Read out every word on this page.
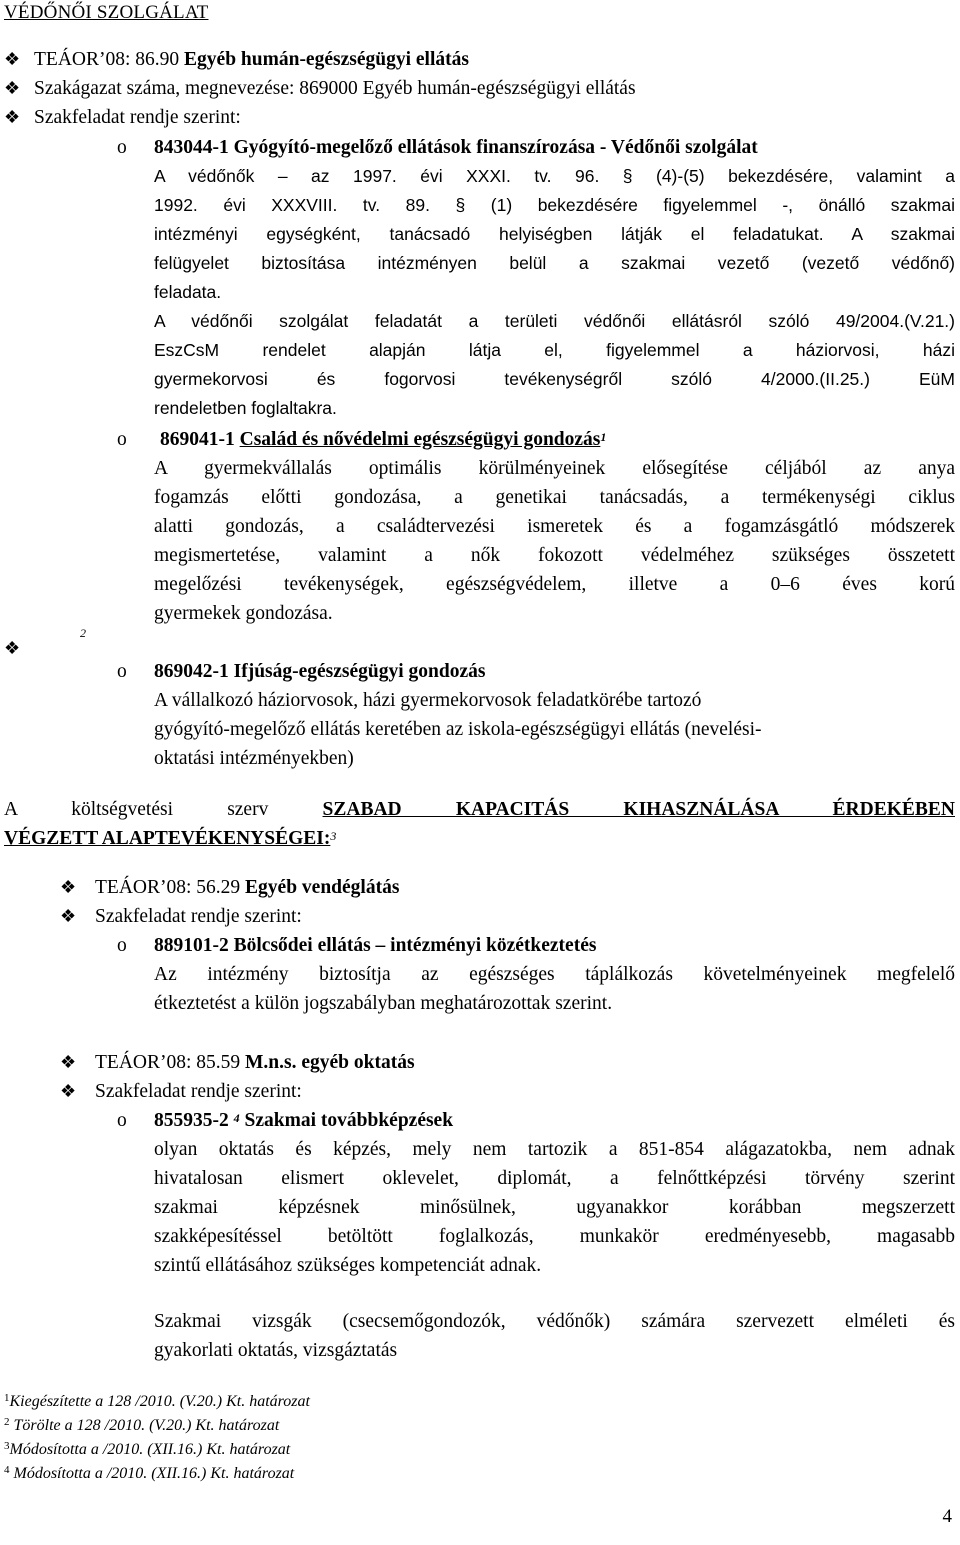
VÉDŐNŐI SZOLGÁLAT
❖ TEÁOR’08: 86.90 Egyéb humán-egészségügyi ellátás
❖ Szakágazat száma, megnevezése: 869000 Egyéb humán-egészségügyi ellátás
❖ Szakfeladat rendje szerint:
o 843044-1 Gyógyító-megelőző ellátások finanszírozása - Védőnői szolgálat
A védőnők – az 1997. évi XXXI. tv. 96. § (4)-(5) bekezdésére, valamint a
1992. évi XXXVIII. tv. 89. § (1) bekezdésére figyelemmel -, önálló szakmai
intézményi egységként, tanácsadó helyiségben látják el feladatukat. A szakmai
felügyelet biztosítása intézményen belül a szakmai vezető (vezető védőnő)
feladata.
A védőnői szolgálat feladatát a területi védőnői ellátásról szóló 49/2004.(V.21.)
EszCsM rendelet alapján látja el, figyelemmel a háziorvosi, házi
gyermekorvosi és fogorvosi tevékenységről szóló 4/2000.(II.25.) EüM
rendeletben foglaltakra.
o 869041-1 Család és nővédelmi egészségügyi gondozás$^1$
A gyermekvállalás optimális körülményeinek elősegítése céljából az anya
fogamzás előtti gondozása, a genetikai tanácsadás, a termékenységi ciklus
alatti gondozás, a családtervezési ismeretek és a fogamzásgátló módszerek
megismertetése, valamint a nők fokozott védelméhez szükséges összetett
megelőzési tevékenységek, egészségvédelem, illetve a 0–6 éves korú
gyermekek gondozása.
❖
2
o 869042-1 Ifjúság-egészségügyi gondozás
A vállalkozó háziorvosok, házi gyermekorvosok feladatkörébe tartozó
gyógyító-megelőző ellátás keretében az iskola-egészségügyi ellátás (nevelési-
oktatási intézményekben)
A költségvetési szerv	SZABAD KAPACITÁS KIHASZNÁLÁSA ÉRDEKÉBEN
VÉGZETT ALAPTEVÉKENYSÉGEI:$^3$
❖ TEÁOR’08: 56.29 Egyéb vendéglátás
❖ Szakfeladat rendje szerint:
o 889101-2 Bölcsődei ellátás – intézményi közétkeztetés
Az intézmény biztosítja az egészséges táplálkozás követelményeinek megfelelő
étkeztetést a külön jogszabályban meghatározottak szerint.
❖ TEÁOR’08: 85.59 M.n.s. egyéb oktatás
❖ Szakfeladat rendje szerint:
o 855935-2 $^4$ Szakmai továbbképzések
olyan oktatás és képzés, mely nem tartozik a 851-854 alágazatokba, nem adnak
hivatalosan elismert oklevelet, diplomát, a felnőttképzési törvény szerint
szakmai képzésnek minősülnek, ugyanakkor korábban megszerzett
szakképesítéssel betöltött foglalkozás, munkakör eredményesebb, magasabb
szintű ellátásához szükséges kompetenciát adnak.
Szakmai vizsgák (csecsemőgondozók, védőnők) számára szervezett elméleti és
gyakorlati oktatás, vizsgáztatás
$^1$Kiegészítette a 128 /2010. (V.20.) Kt. határozat
$^2$ Törölte a 128 /2010. (V.20.) Kt. határozat
$^3$Módosította a /2010. (XII.16.) Kt. határozat
$^4$ Módosította a /2010. (XII.16.) Kt. határozat
4
